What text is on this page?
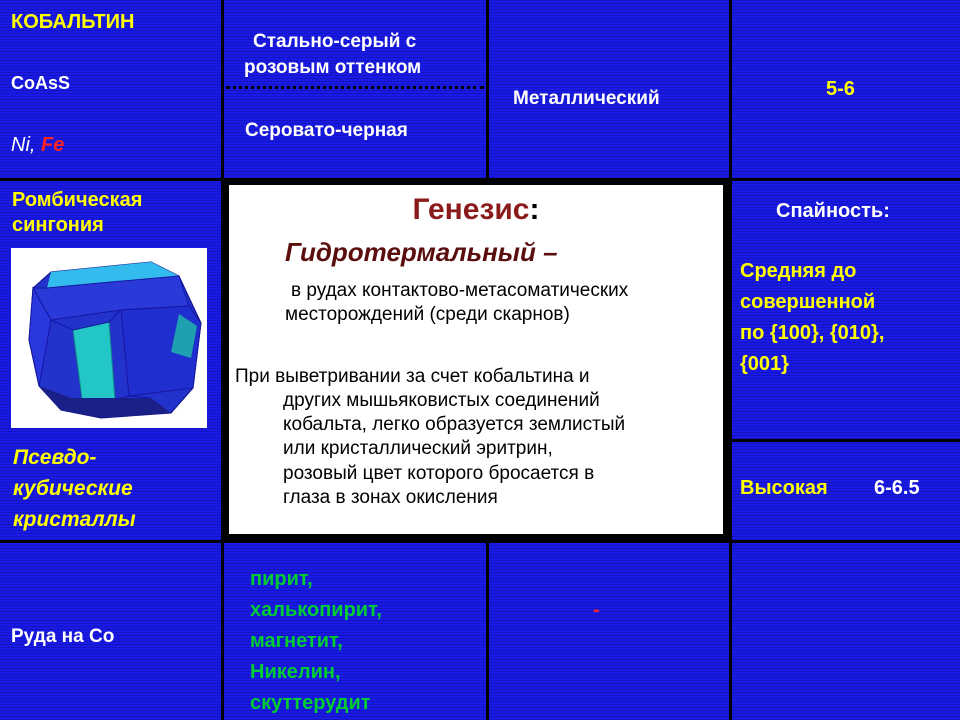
КОБАЛЬТИН
CoAsS
Ni, Fe
Стально-серый с
розовым оттенком
Серовато-черная
Металлический	5-6
Ромбическая
сингония
Псевдо-
кубические
кристаллы
Генезис:
Гидротермальный –
в рудах контактово-метасоматических
месторождений (среди скарнов)
При выветривании за счет кобальтина и
других мышьяковистых соединений
кобальта, легко образуется землистый
или кристаллический эритрин,
розовый цвет которого бросается в
глаза в зонах окисления
Спайность:
Средняя до
совершенной
по {100}, {010},
{001}
Высокая 6-6.5
Руда на Co
пирит,
халькопирит,
магнетит,
Никелин,
скуттерудит
-
